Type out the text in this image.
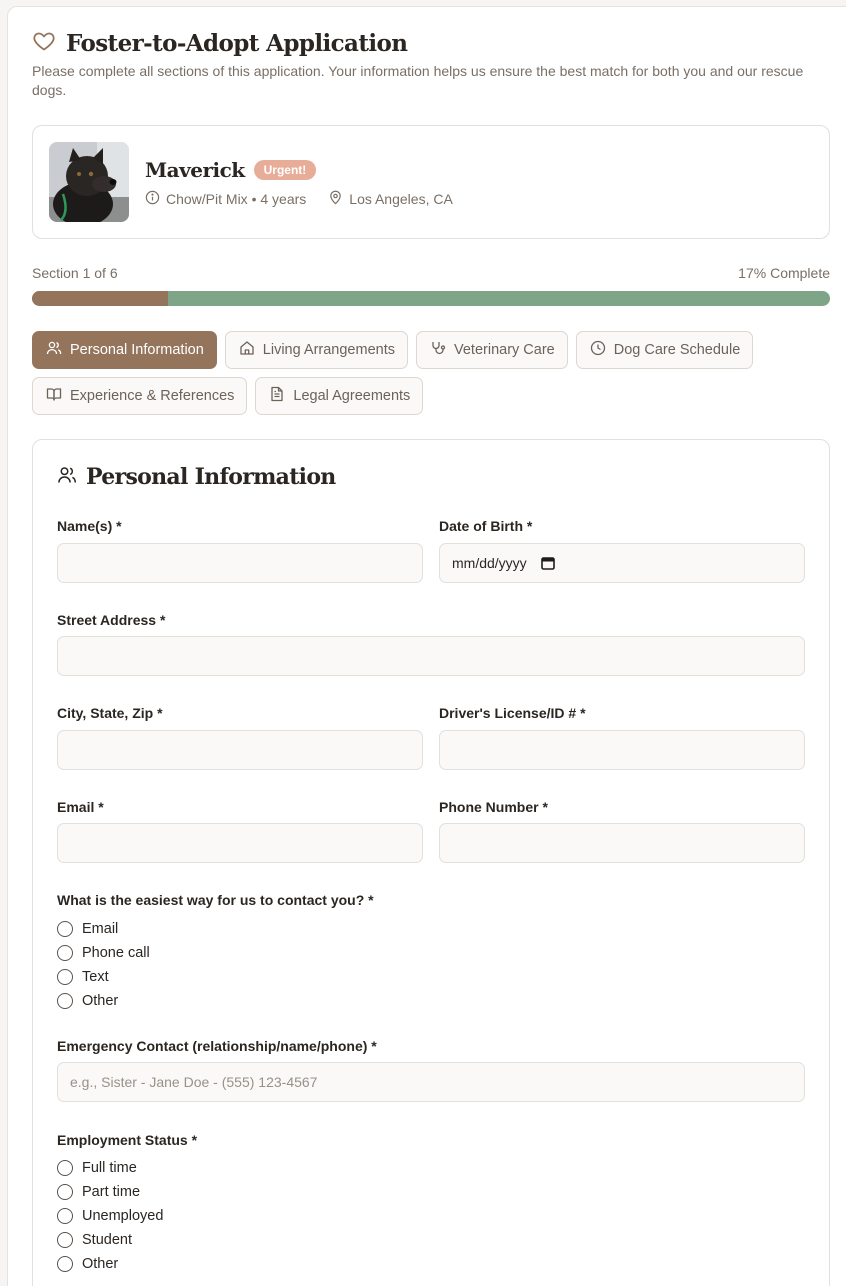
Foster-to-Adopt Application

Please complete all sections of this application. Your information helps us ensure the best match for both you and our rescue dogs.

Maverick	Urgent!
Chow/Pit Mix • 4 years	Los Angeles, CA
Section 1 of 6	17% Complete
Personal Information	Living Arrangements	Veterinary Care	Dog Care Schedule
Experience & References	Legal Agreements
Personal Information
Name(s) *	Date of Birth *
mm/dd/yyyy
Street Address *
City, State, Zip *	Driver's License/ID # *
Email *	Phone Number *
What is the easiest way for us to contact you? *
Email
Phone call
Text
Other
Emergency Contact (relationship/name/phone) *
e.g., Sister - Jane Doe - (555) 123-4567
Employment Status *
Full time
Part time
Unemployed
Student
Other
